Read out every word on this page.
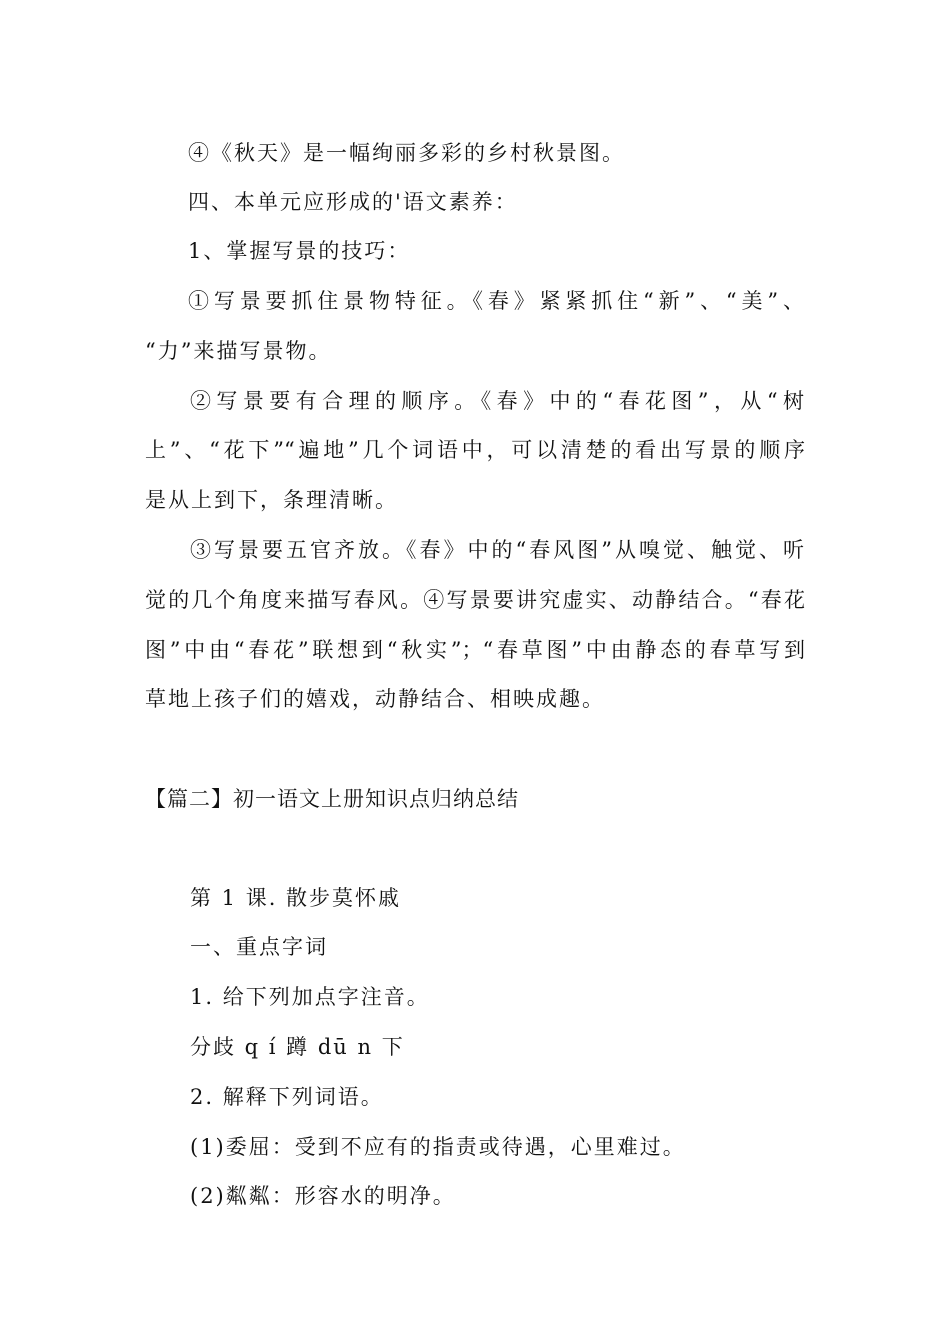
④《秋天》是一幅绚丽多彩的乡村秋景图。
四、本单元应形成的'语文素养：
1、掌握写景的技巧：
①写景要抓住景物特征。《春》紧紧抓住“新”、“美”、
“力”来描写景物。
②写景要有合理的顺序。《春》中的“春花图”，从“树
上”、“花下”“遍地”几个词语中，可以清楚的看出写景的顺序
是从上到下，条理清晰。
③写景要五官齐放。《春》中的“春风图”从嗅觉、触觉、听
觉的几个角度来描写春风。④写景要讲究虚实、动静结合。“春花
图”中由“春花”联想到“秋实”；“春草图”中由静态的春草写到
草地上孩子们的嬉戏，动静结合、相映成趣。
【篇二】初一语文上册知识点归纳总结
第 1 课. 散步莫怀戚
一、重点字词
1. 给下列加点字注音。
分歧 q í 蹲 dū n 下
2. 解释下列词语。
(1)委屈：受到不应有的指责或待遇，心里难过。
(2)粼粼：形容水的明净。
